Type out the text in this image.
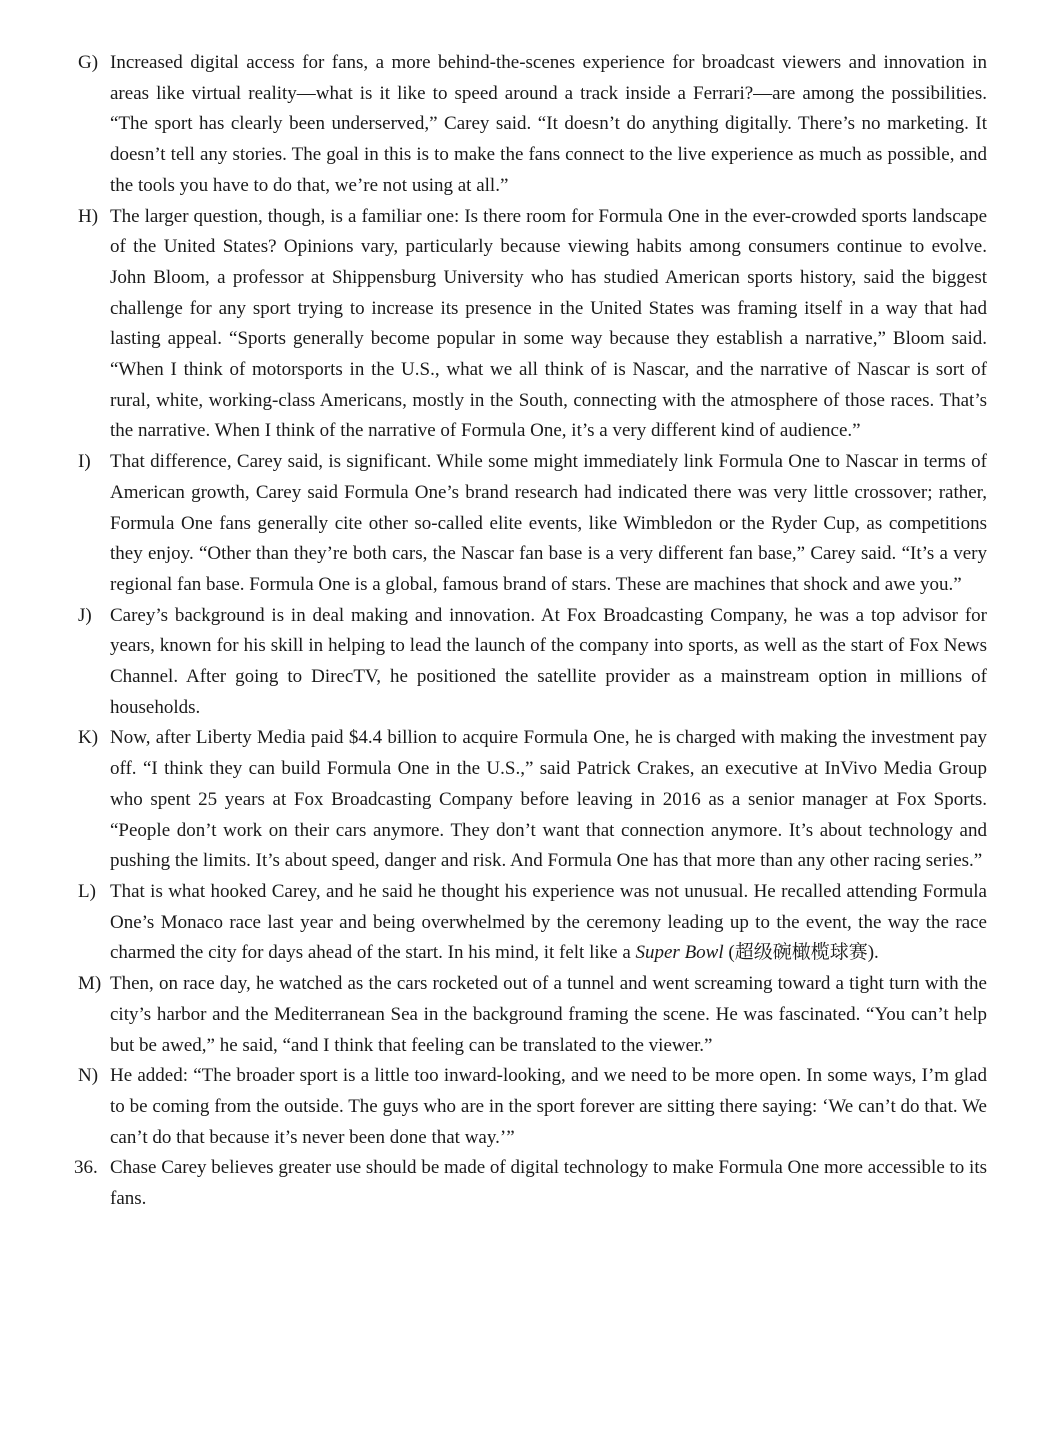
G) Increased digital access for fans, a more behind-the-scenes experience for broadcast viewers and innovation in areas like virtual reality—what is it like to speed around a track inside a Ferrari?—are among the possibilities. “The sport has clearly been underserved,” Carey said. “It doesn’t do anything digitally. There’s no marketing. It doesn’t tell any stories. The goal in this is to make the fans connect to the live experience as much as possible, and the tools you have to do that, we’re not using at all.”
H) The larger question, though, is a familiar one: Is there room for Formula One in the ever-crowded sports landscape of the United States? Opinions vary, particularly because viewing habits among consumers continue to evolve. John Bloom, a professor at Shippensburg University who has studied American sports history, said the biggest challenge for any sport trying to increase its presence in the United States was framing itself in a way that had lasting appeal. “Sports generally become popular in some way because they establish a narrative,” Bloom said. “When I think of motorsports in the U.S., what we all think of is Nascar, and the narrative of Nascar is sort of rural, white, working-class Americans, mostly in the South, connecting with the atmosphere of those races. That’s the narrative. When I think of the narrative of Formula One, it’s a very different kind of audience.”
I) That difference, Carey said, is significant. While some might immediately link Formula One to Nascar in terms of American growth, Carey said Formula One’s brand research had indicated there was very little crossover; rather, Formula One fans generally cite other so-called elite events, like Wimbledon or the Ryder Cup, as competitions they enjoy. “Other than they’re both cars, the Nascar fan base is a very different fan base,” Carey said. “It’s a very regional fan base. Formula One is a global, famous brand of stars. These are machines that shock and awe you.”
J) Carey’s background is in deal making and innovation. At Fox Broadcasting Company, he was a top advisor for years, known for his skill in helping to lead the launch of the company into sports, as well as the start of Fox News Channel. After going to DirecTV, he positioned the satellite provider as a mainstream option in millions of households.
K) Now, after Liberty Media paid $4.4 billion to acquire Formula One, he is charged with making the investment pay off. “I think they can build Formula One in the U.S.,” said Patrick Crakes, an executive at InVivo Media Group who spent 25 years at Fox Broadcasting Company before leaving in 2016 as a senior manager at Fox Sports. “People don’t work on their cars anymore. They don’t want that connection anymore. It’s about technology and pushing the limits. It’s about speed, danger and risk. And Formula One has that more than any other racing series.”
L) That is what hooked Carey, and he said he thought his experience was not unusual. He recalled attending Formula One’s Monaco race last year and being overwhelmed by the ceremony leading up to the event, the way the race charmed the city for days ahead of the start. In his mind, it felt like a Super Bowl (超级碗橄榄球赛).
M) Then, on race day, he watched as the cars rocketed out of a tunnel and went screaming toward a tight turn with the city’s harbor and the Mediterranean Sea in the background framing the scene. He was fascinated. “You can’t help but be awed,” he said, “and I think that feeling can be translated to the viewer.”
N) He added: “The broader sport is a little too inward-looking, and we need to be more open. In some ways, I’m glad to be coming from the outside. The guys who are in the sport forever are sitting there saying: ‘We can’t do that. We can’t do that because it’s never been done that way.’”
36. Chase Carey believes greater use should be made of digital technology to make Formula One more accessible to its fans.
